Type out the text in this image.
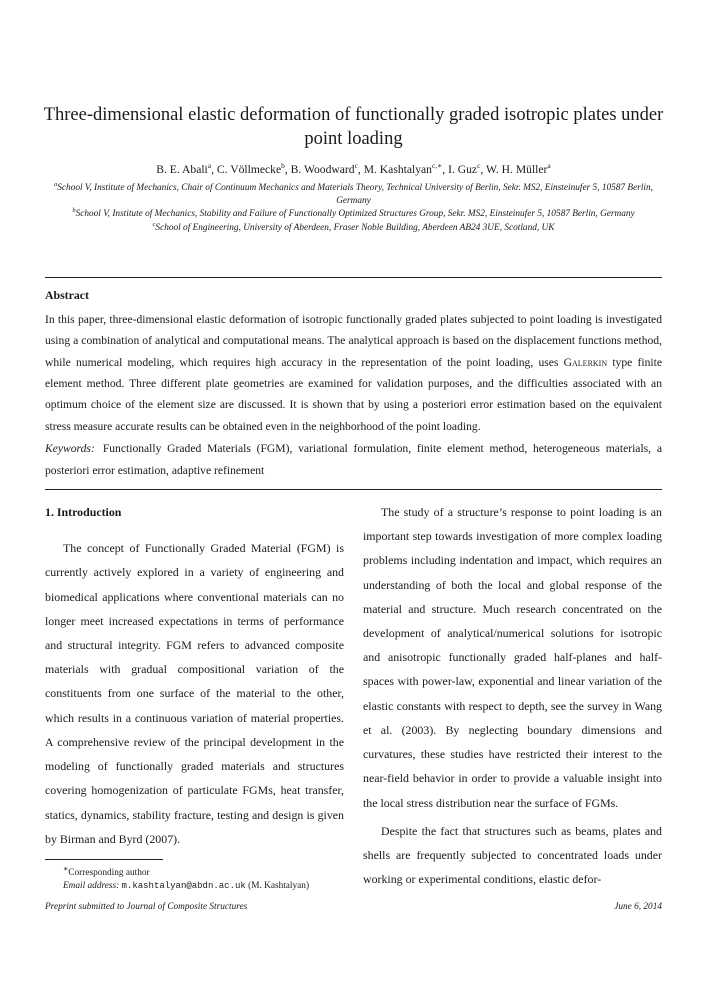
Three-dimensional elastic deformation of functionally graded isotropic plates under point loading
B. E. Abali$^a$, C. Völlmecke$^b$, B. Woodward$^c$, M. Kashtalyan$^{c,∗}$, I. Guz$^c$, W. H. Müller$^a$
$^a$School V, Institute of Mechanics, Chair of Continuum Mechanics and Materials Theory, Technical University of Berlin, Sekr. MS2, Einsteinufer 5, 10587 Berlin, Germany
$^b$School V, Institute of Mechanics, Stability and Failure of Functionally Optimized Structures Group, Sekr. MS2, Einsteinufer 5, 10587 Berlin, Germany
$^c$School of Engineering, University of Aberdeen, Fraser Noble Building, Aberdeen AB24 3UE, Scotland, UK
Abstract
In this paper, three-dimensional elastic deformation of isotropic functionally graded plates subjected to point loading is investigated using a combination of analytical and computational means. The analytical approach is based on the displacement functions method, while numerical modeling, which requires high accuracy in the representation of the point loading, uses Galerkin type finite element method. Three different plate geometries are examined for validation purposes, and the difficulties associated with an optimum choice of the element size are discussed. It is shown that by using a posteriori error estimation based on the equivalent stress measure accurate results can be obtained even in the neighborhood of the point loading.
Keywords: Functionally Graded Materials (FGM), variational formulation, finite element method, heterogeneous materials, a posteriori error estimation, adaptive refinement
1. Introduction

The concept of Functionally Graded Material (FGM) is currently actively explored in a variety of engineering and biomedical applications where conventional materials can no longer meet increased expectations in terms of performance and structural integrity. FGM refers to advanced composite materials with gradual compositional variation of the constituents from one surface of the material to the other, which results in a continuous variation of material properties. A comprehensive review of the principal development in the modeling of functionally graded materials and structures covering homogenization of particulate FGMs, heat transfer, statics, dynamics, stability fracture, testing and design is given by Birman and Byrd (2007).

∗Corresponding author
Email address: m.kashtalyan@abdn.ac.uk (M. Kashtalyan)

The study of a structure’s response to point loading is an important step towards investigation of more complex loading problems including indentation and impact, which requires an understanding of both the local and global response of the material and structure. Much research concentrated on the development of analytical/numerical solutions for isotropic and anisotropic functionally graded half-planes and half-spaces with power-law, exponential and linear variation of the elastic constants with respect to depth, see the survey in Wang et al. (2003). By neglecting boundary dimensions and curvatures, these studies have restricted their interest to the near-field behavior in order to provide a valuable insight into the local stress distribution near the surface of FGMs.

Despite the fact that structures such as beams, plates and shells are frequently subjected to concentrated loads under working or experimental conditions, elastic defor-

Preprint submitted to Journal of Composite Structures	June 6, 2014
